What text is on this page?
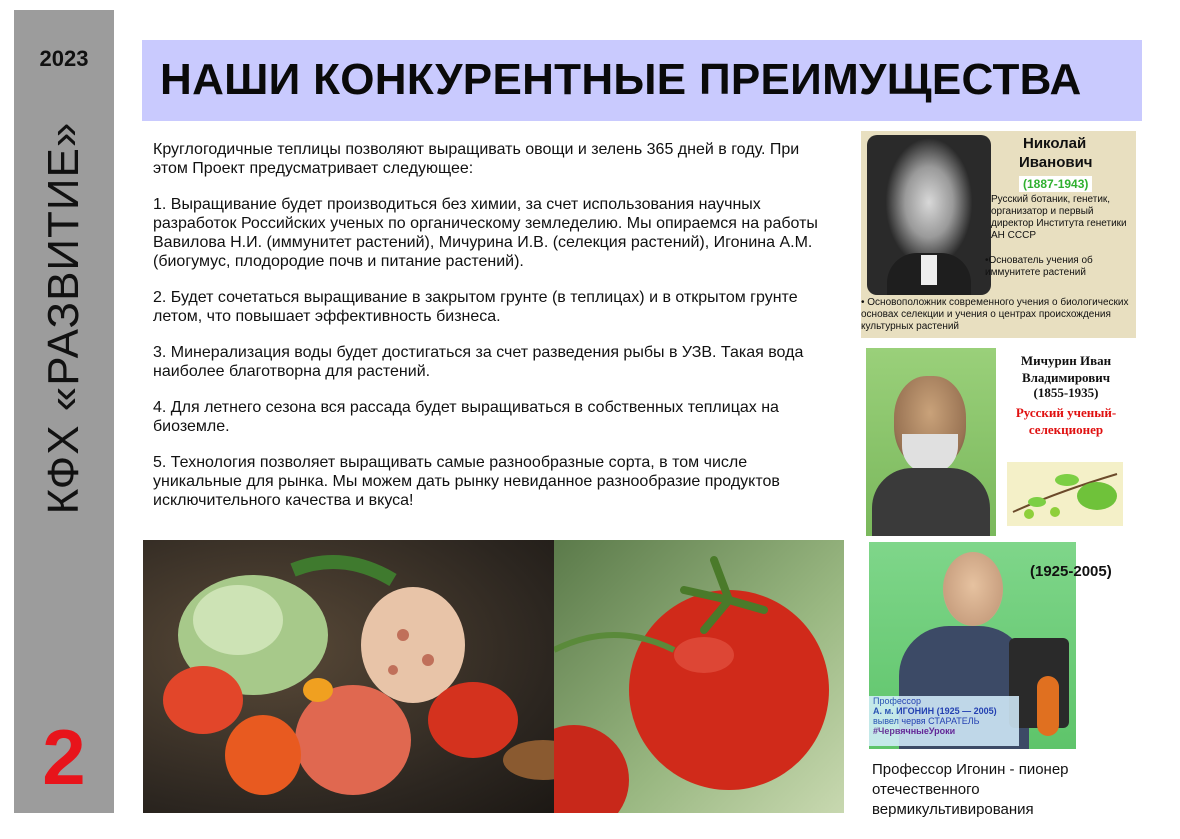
2023
КФХ «РАЗВИТИЕ»
2
НАШИ КОНКУРЕНТНЫЕ ПРЕИМУЩЕСТВА

Круглогодичные теплицы позволяют выращивать овощи и зелень 365 дней в году. При этом Проект предусматривает следующее:

1. Выращивание будет производиться без химии, за счет использования научных разработок Российских ученых по органическому земледелию. Мы опираемся на работы Вавилова Н.И. (иммунитет растений), Мичурина И.В. (селекция растений), Игонина А.М. (биогумус, плодородие почв и питание растений).

2. Будет сочетаться выращивание в закрытом грунте (в теплицах) и в открытом грунте летом, что повышает эффективность бизнеса.

3. Минерализация воды будет достигаться за счет разведения рыбы в УЗВ. Такая вода наиболее благотворна для растений.

4. Для летнего сезона вся рассада будет выращиваться в собственных теплицах на биоземле.

5. Технология позволяет выращивать самые разнообразные сорта, в том числе уникальные для рынка. Мы можем дать рынку невиданное разнообразие продуктов исключительного качества и вкуса!

Николай
Иванович
(1887-1943)
Русский ботаник, генетик, организатор и первый директор Института генетики АН СССР
•Основатель учения об иммунитете растений
• Основоположник современного учения о биологических основах селекции и учения о центрах происхождения культурных растений
Мичурин Иван Владимирович
(1855-1935)
Русский ученый-селекционер
Профессор
А. м. ИГОНИН (1925 — 2005)
вывел червя СТАРАТЕЛЬ
#ЧервячныеУроки
(1925-2005)
Профессор Игонин - пионер отечественного вермикультивирования
